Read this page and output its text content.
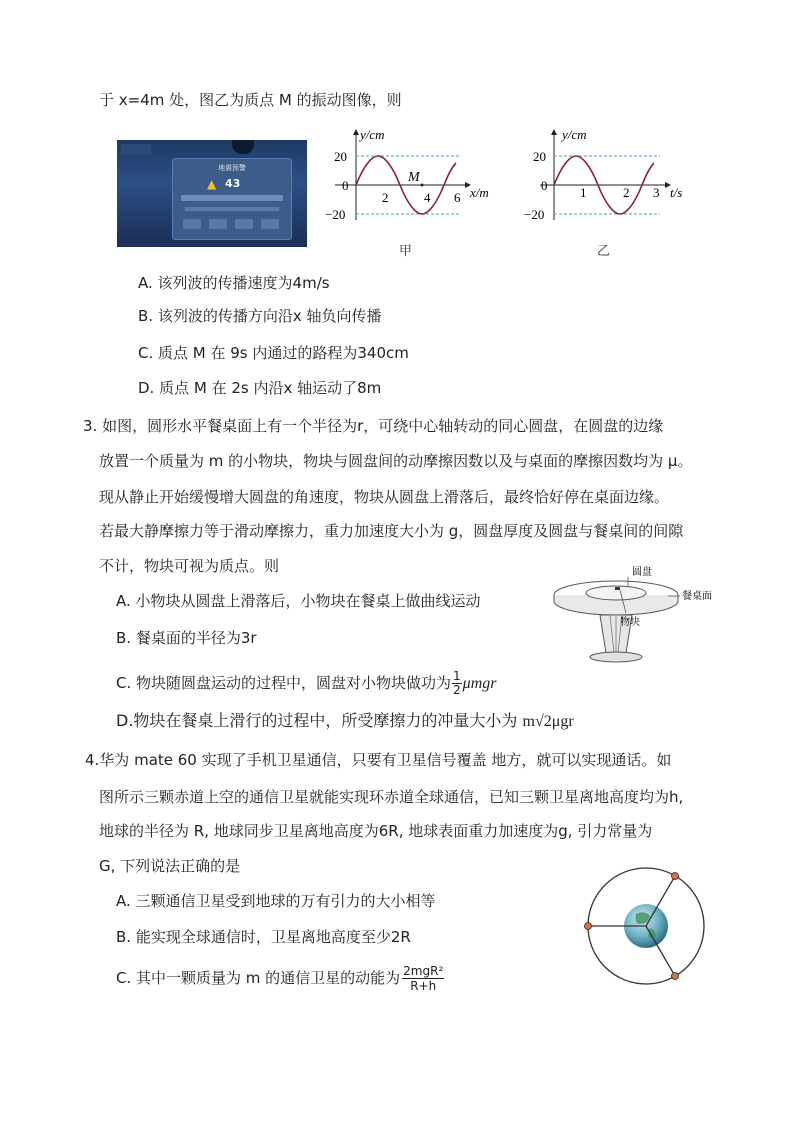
于 x=4m 处，图乙为质点 M 的振动图像，则
地震预警
▲ 43
y/cm
x/m
20
0
−20
2	4 6
M
甲
y/cm
t/s
20
0
−20
1	2 3
乙
A. 该列波的传播速度为4m/s
B. 该列波的传播方向沿x 轴负向传播
C. 质点 M 在 9s 内通过的路程为340cm
D. 质点 M 在 2s 内沿x 轴运动了8m
3. 如图，圆形水平餐桌面上有一个半径为r，可绕中心轴转动的同心圆盘，在圆盘的边缘
放置一个质量为 m 的小物块，物块与圆盘间的动摩擦因数以及与桌面的摩擦因数均为 μ。
现从静止开始缓慢增大圆盘的角速度，物块从圆盘上滑落后，最终恰好停在桌面边缘。
若最大静摩擦力等于滑动摩擦力，重力加速度大小为 g，圆盘厚度及圆盘与餐桌间的间隙
不计，物块可视为质点。则
A. 小物块从圆盘上滑落后，小物块在餐桌上做曲线运动
B. 餐桌面的半径为3r
C. 物块随圆盘运动的过程中，圆盘对小物块做功为 $\frac{1}{2}$ μmgr
D.物块在餐桌上滑行的过程中，所受摩擦力的冲量大小为 m√2μgr
圆盘
餐桌面
物块
4.华为 mate 60 实现了手机卫星通信，只要有卫星信号覆盖 地方，就可以实现通话。如
图所示三颗赤道上空的通信卫星就能实现环赤道全球通信，已知三颗卫星离地高度均为h,
地球的半径为 R, 地球同步卫星离地高度为6R, 地球表面重力加速度为g, 引力常量为
G, 下列说法正确的是
A. 三颗通信卫星受到地球的万有引力的大小相等
B. 能实现全球通信时，卫星离地高度至少2R
C. 其中一颗质量为 m 的通信卫星的动能为 2mgR²
R+h
